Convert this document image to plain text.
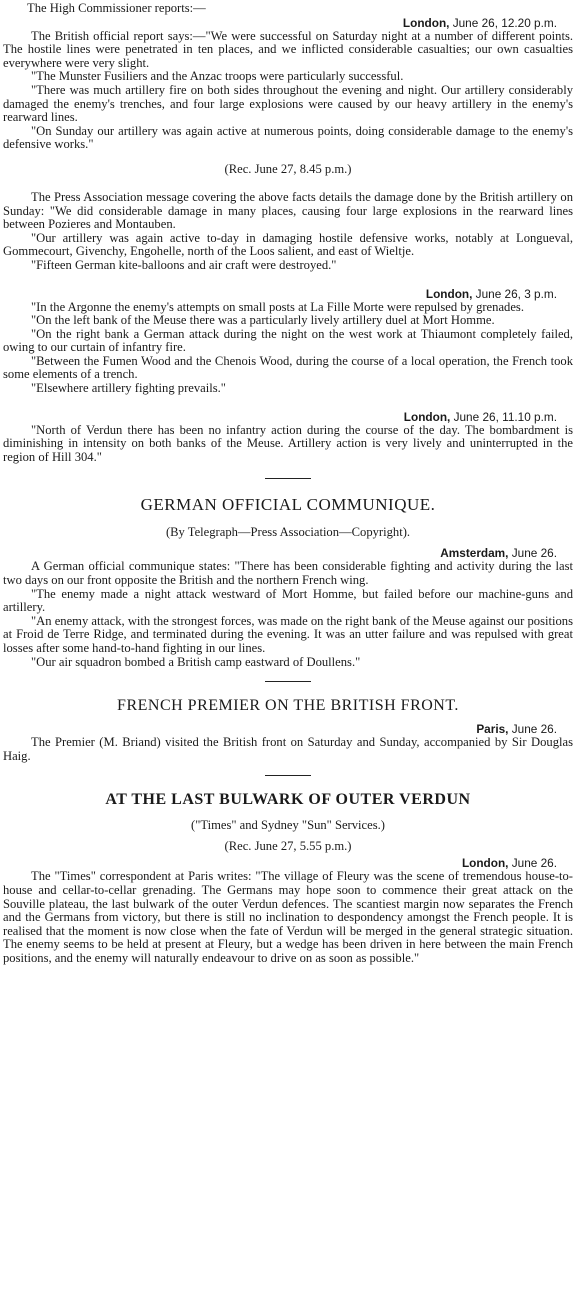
The High Commissioner reports:—

London, June 26, 12.20 p.m.

The British official report says:—"We were successful on Saturday night at a number of different points. The hostile lines were penetrated in ten places, and we inflicted considerable casualties; our own casualties everywhere were very slight.

"The Munster Fusiliers and the Anzac troops were particularly successful.

"There was much artillery fire on both sides throughout the evening and night. Our artillery considerably damaged the enemy's trenches, and four large explosions were caused by our heavy artillery in the enemy's rearward lines.

"On Sunday our artillery was again active at numerous points, doing considerable damage to the enemy's defensive works."

(Rec. June 27, 8.45 p.m.)

The Press Association message covering the above facts details the damage done by the British artillery on Sunday: "We did considerable damage in many places, causing four large explosions in the rearward lines between Pozieres and Montauben.

"Our artillery was again active to-day in damaging hostile defensive works, notably at Longueval, Gommecourt, Givenchy, Engohelle, north of the Loos salient, and east of Wieltje.

"Fifteen German kite-balloons and air craft were destroyed."

London, June 26, 3 p.m.

"In the Argonne the enemy's attempts on small posts at La Fille Morte were repulsed by grenades.

"On the left bank of the Meuse there was a particularly lively artillery duel at Mort Homme.

"On the right bank a German attack during the night on the west work at Thiaumont completely failed, owing to our curtain of infantry fire.

"Between the Fumen Wood and the Chenois Wood, during the course of a local operation, the French took some elements of a trench.

"Elsewhere artillery fighting prevails."

London, June 26, 11.10 p.m.

"North of Verdun there has been no infantry action during the course of the day. The bombardment is diminishing in intensity on both banks of the Meuse. Artillery action is very lively and uninterrupted in the region of Hill 304."

GERMAN OFFICIAL COMMUNIQUE.

(By Telegraph—Press Association—Copyright).

Amsterdam, June 26.

A German official communique states: "There has been considerable fighting and activity during the last two days on our front opposite the British and the northern French wing.

"The enemy made a night attack westward of Mort Homme, but failed before our machine-guns and artillery.

"An enemy attack, with the strongest forces, was made on the right bank of the Meuse against our positions at Froid de Terre Ridge, and terminated during the evening. It was an utter failure and was repulsed with great losses after some hand-to-hand fighting in our lines.

"Our air squadron bombed a British camp eastward of Doullens."

FRENCH PREMIER ON THE BRITISH FRONT.

Paris, June 26.

The Premier (M. Briand) visited the British front on Saturday and Sunday, accompanied by Sir Douglas Haig.

AT THE LAST BULWARK OF OUTER VERDUN

("Times" and Sydney "Sun" Services.)

(Rec. June 27, 5.55 p.m.)

London, June 26.

The "Times" correspondent at Paris writes: "The village of Fleury was the scene of tremendous house-to-house and cellar-to-cellar grenading. The Germans may hope soon to commence their great attack on the Souville plateau, the last bulwark of the outer Verdun defences. The scantiest margin now separates the French and the Germans from victory, but there is still no inclination to despondency amongst the French people. It is realised that the moment is now close when the fate of Verdun will be merged in the general strategic situation. The enemy seems to be held at present at Fleury, but a wedge has been driven in here between the main French positions, and the enemy will naturally endeavour to drive on as soon as possible."
